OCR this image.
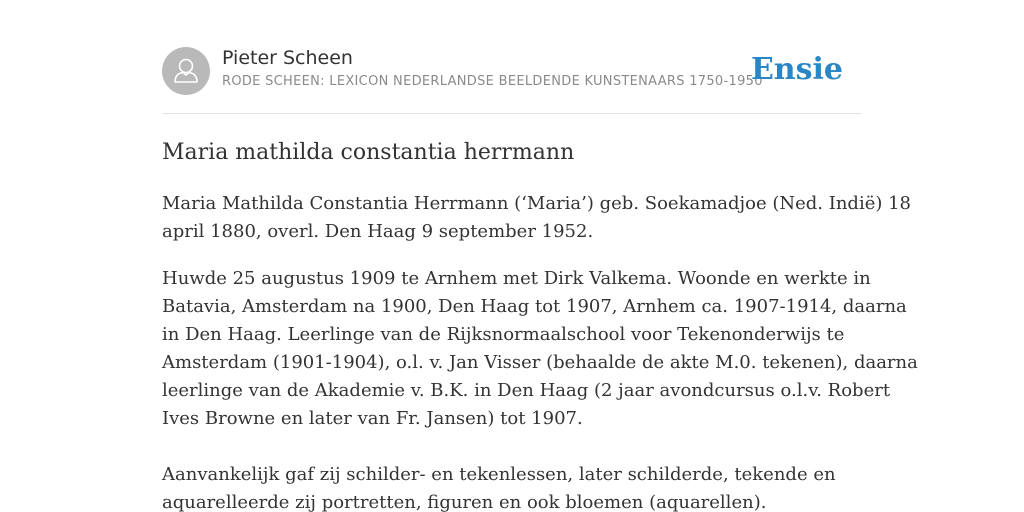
Pieter Scheen
RODE SCHEEN: LEXICON NEDERLANDSE BEELDENDE KUNSTENAARS 1750-1950
Ensie
Maria mathilda constantia herrmann

Maria Mathilda Constantia Herrmann (‘Maria’) geb. Soekamadjoe (Ned. Indië) 18
april 1880, overl. Den Haag 9 september 1952.

Huwde 25 augustus 1909 te Arnhem met Dirk Valkema. Woonde en werkte in
Batavia, Amsterdam na 1900, Den Haag tot 1907, Arnhem ca. 1907-1914, daarna
in Den Haag. Leerlinge van de Rijksnormaalschool voor Tekenonderwijs te
Amsterdam (1901-1904), o.l. v. Jan Visser (behaalde de akte M.0. tekenen), daarna
leerlinge van de Akademie v. B.K. in Den Haag (2 jaar avondcursus o.l.v. Robert
Ives Browne en later van Fr. Jansen) tot 1907.

Aanvankelijk gaf zij schilder- en tekenlessen, later schilderde, tekende en
aquarelleerde zij portretten, figuren en ook bloemen (aquarellen).
